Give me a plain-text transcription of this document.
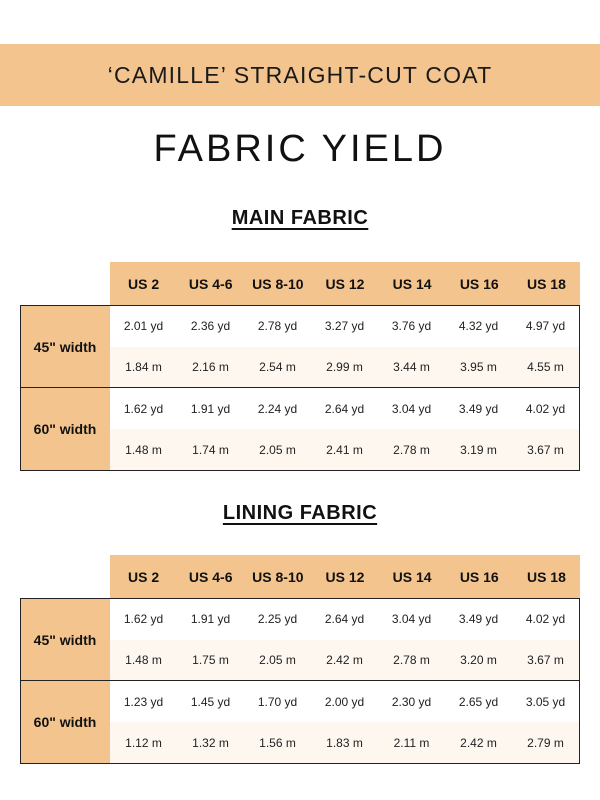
‘CAMILLE’ STRAIGHT-CUT COAT
FABRIC YIELD
MAIN FABRIC
US 2	US 4-6	US 8-10	US 12	US 14	US 16	US 18
45" width
2.01 yd	2.36 yd	2.78 yd	3.27 yd	3.76 yd	4.32 yd	4.97 yd
1.84 m	2.16 m	2.54 m	2.99 m	3.44 m	3.95 m	4.55 m
60" width
1.62 yd	1.91 yd	2.24 yd	2.64 yd	3.04 yd	3.49 yd	4.02 yd
1.48 m	1.74 m	2.05 m	2.41 m	2.78 m	3.19 m	3.67 m
LINING FABRIC
US 2	US 4-6	US 8-10	US 12	US 14	US 16	US 18
45" width
1.62 yd	1.91 yd	2.25 yd	2.64 yd	3.04 yd	3.49 yd	4.02 yd
1.48 m	1.75 m	2.05 m	2.42 m	2.78 m	3.20 m	3.67 m
60" width
1.23 yd	1.45 yd	1.70 yd	2.00 yd	2.30 yd	2.65 yd	3.05 yd
1.12 m	1.32 m	1.56 m	1.83 m	2.11 m	2.42 m	2.79 m
